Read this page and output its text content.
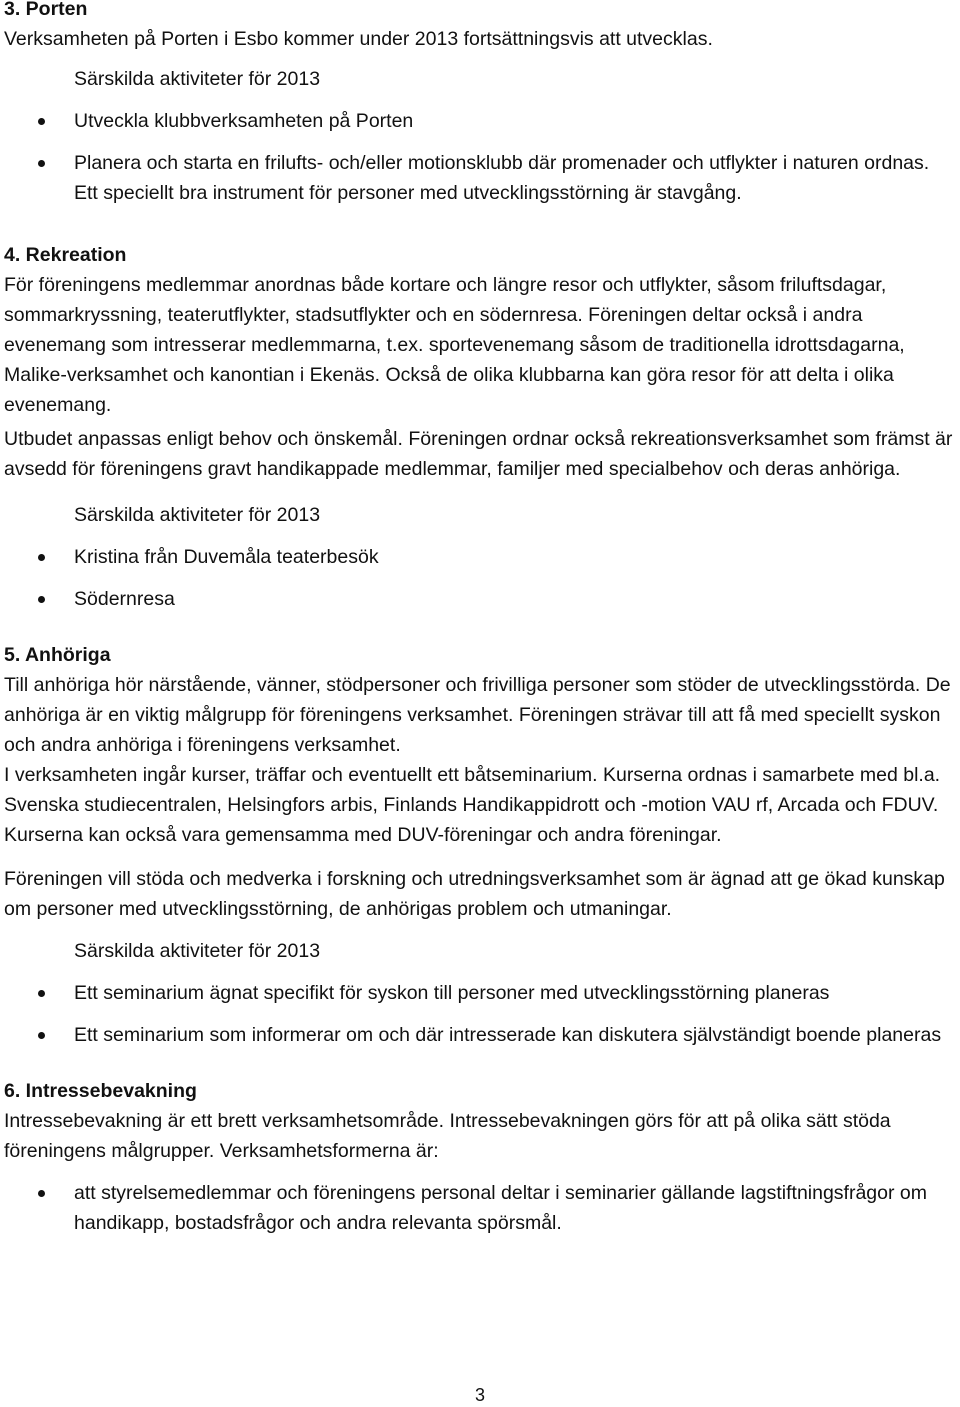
3. Porten

Verksamheten på Porten i Esbo kommer under 2013 fortsättningsvis att utvecklas.

Särskilda aktiviteter för 2013

Utveckla klubbverksamheten på Porten
Planera och starta en frilufts- och/eller motionsklubb där promenader och utflykter i naturen ordnas. Ett speciellt bra instrument för personer med utvecklingsstörning är stavgång.
4. Rekreation

För föreningens medlemmar anordnas både kortare och längre resor och utflykter, såsom friluftsdagar, sommarkryssning, teaterutflykter, stadsutflykter och en södernresa. Föreningen deltar också i andra evenemang som intresserar medlemmarna, t.ex. sportevenemang såsom de traditionella idrottsdagarna, Malike-verksamhet och kanontian i Ekenäs. Också de olika klubbarna kan göra resor för att delta i olika evenemang.

Utbudet anpassas enligt behov och önskemål. Föreningen ordnar också rekreationsverksamhet som främst är avsedd för föreningens gravt handikappade medlemmar, familjer med specialbehov och deras anhöriga.

Särskilda aktiviteter för 2013

Kristina från Duvemåla teaterbesök
Södernresa
5. Anhöriga

Till anhöriga hör närstående, vänner, stödpersoner och frivilliga personer som stöder de utvecklingsstörda. De anhöriga är en viktig målgrupp för föreningens verksamhet. Föreningen strävar till att få med speciellt syskon och andra anhöriga i föreningens verksamhet.

I verksamheten ingår kurser, träffar och eventuellt ett båtseminarium. Kurserna ordnas i samarbete med bl.a. Svenska studiecentralen, Helsingfors arbis, Finlands Handikappidrott och -motion VAU rf, Arcada och FDUV. Kurserna kan också vara gemensamma med DUV-föreningar och andra föreningar.

Föreningen vill stöda och medverka i forskning och utredningsverksamhet som är ägnad att ge ökad kunskap om personer med utvecklingsstörning, de anhörigas problem och utmaningar.

Särskilda aktiviteter för 2013

Ett seminarium ägnat specifikt för syskon till personer med utvecklingsstörning planeras
Ett seminarium som informerar om och där intresserade kan diskutera självständigt boende planeras
6. Intressebevakning

Intressebevakning är ett brett verksamhetsområde. Intressebevakningen görs för att på olika sätt stöda föreningens målgrupper. Verksamhetsformerna är:

att styrelsemedlemmar och föreningens personal deltar i seminarier gällande lagstiftningsfrågor om handikapp, bostadsfrågor och andra relevanta spörsmål.
3
